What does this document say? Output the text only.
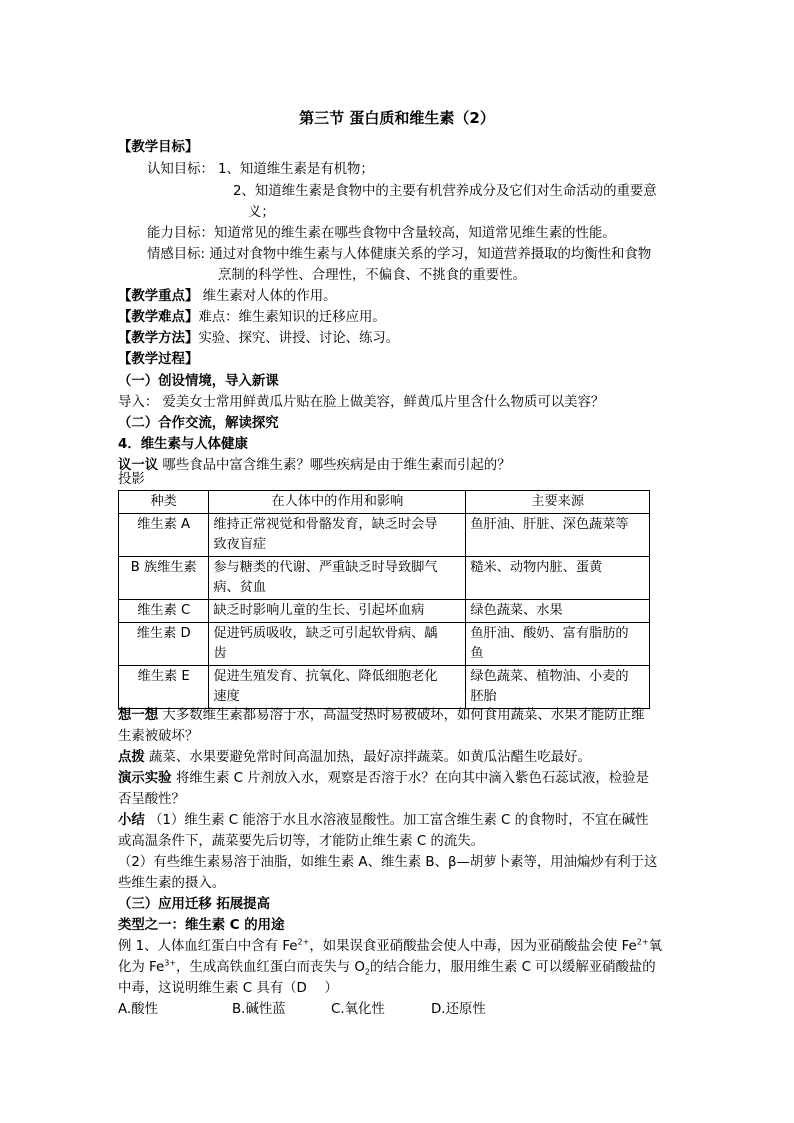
第三节 蛋白质和维生素（2）
【教学目标】
认知目标： 1、知道维生素是有机物；
2、知道维生素是食物中的主要有机营养成分及它们对生命活动的重要意
义；
能力目标：知道常见的维生素在哪些食物中含量较高，知道常见维生素的性能。
情感目标: 通过对食物中维生素与人体健康关系的学习，知道营养摄取的均衡性和食物
烹制的科学性、合理性，不偏食、不挑食的重要性。
【教学重点】 维生素对人体的作用。
【教学难点】难点：维生素知识的迁移应用。
【教学方法】实验、探究、讲授、讨论、练习。
【教学过程】
（一）创设情境，导入新课
导入： 爱美女士常用鲜黄瓜片贴在脸上做美容，鲜黄瓜片里含什么物质可以美容？
（二）合作交流，解读探究
4．维生素与人体健康
议一议 哪些食品中富含维生素？哪些疾病是由于维生素而引起的？
投影
种类	在人体中的作用和影响	主要来源
维生素 A	维持正常视觉和骨骼发育，缺乏时会导
致夜盲症	鱼肝油、肝脏、深色蔬菜等
B 族维生素	参与糖类的代谢、严重缺乏时导致脚气
病、贫血	糙米、动物内脏、蛋黄
维生素 C	缺乏时影响儿童的生长、引起坏血病	绿色蔬菜、水果
维生素 D	促进钙质吸收，缺乏可引起软骨病、龋
齿	鱼肝油、酸奶、富有脂肪的
鱼
维生素 E	促进生殖发育、抗氧化、降低细胞老化
速度	绿色蔬菜、植物油、小麦的
胚胎
想一想 大多数维生素都易溶于水，高温受热时易被破坏，如何食用蔬菜、水果才能防止维
生素被破坏？
点拨 蔬菜、水果要避免常时间高温加热，最好凉拌蔬菜。如黄瓜沾醋生吃最好。
演示实验 将维生素 C 片剂放入水，观察是否溶于水？在向其中滴入紫色石蕊试液，检验是
否呈酸性？
小结 （1）维生素 C 能溶于水且水溶液显酸性。加工富含维生素 C 的食物时，不宜在碱性
或高温条件下，蔬菜要先后切等，才能防止维生素 C 的流失。
（2）有些维生素易溶于油脂，如维生素 A、维生素 B、β—胡萝卜素等，用油煸炒有利于这
些维生素的摄入。
（三）应用迁移 拓展提高
类型之一：维生素 C 的用途
例 1、人体血红蛋白中含有 $Fe^{2+}$，如果误食亚硝酸盐会使人中毒，因为亚硝酸盐会使 $Fe^{2+}$氧
化为 $Fe^{3+}$，生成高铁血红蛋白而丧失与 $O_2$的结合能力，服用维生素 C 可以缓解亚硝酸盐的
中毒，这说明维生素 C 具有（D　 ）
A.酸性	B.碱性蓝	C.氧化性	D.还原性
